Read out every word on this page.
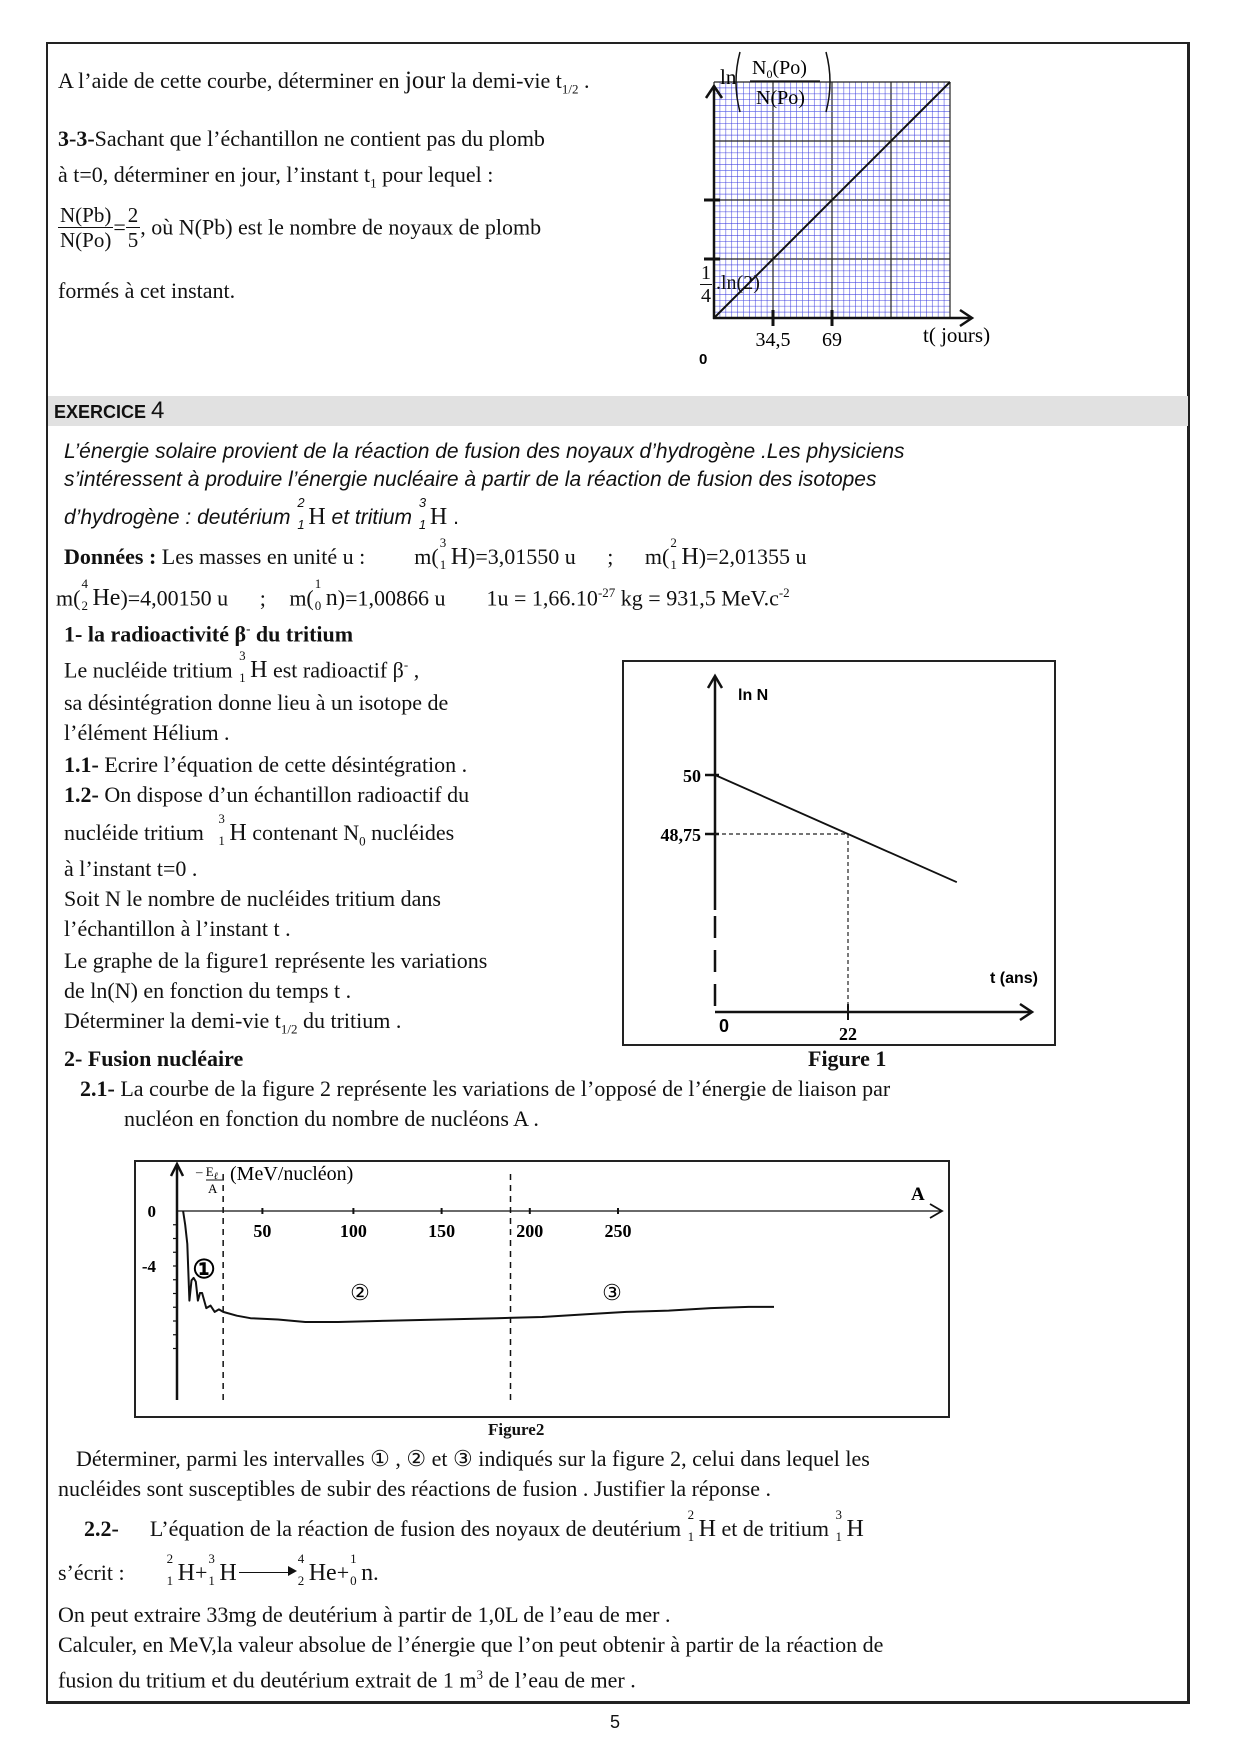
A l’aide de cette courbe, déterminer en jour la demi-vie $t_{1/2}$ .
3-3-Sachant que l’échantillon ne contient pas du plomb
à t=0, déterminer en jour, l’instant $t_1$ pour lequel :
$\frac{N(Pb)}{N(Po)} = \frac{2}{5}$ , où N(Pb) est le nombre de noyaux de plomb
formés à cet instant.
34,5 69
$\ln N_0(Po)$
N(Po)
t( jours)
0
$\frac{1}{4} .\ln(2)$
EXERCICE 4
L’énergie solaire provient de la réaction de fusion des noyaux d’hydrogène .Les physiciens
s’intéressent à produire l’énergie nucléaire à partir de la réaction de fusion des isotopes
d’hydrogène : deutérium
2
1 H et tritium
3
1 H .
Données : Les masses en unité u : m(
3
1 H)=3,01550 u ; m(
2
1 H)=2,01355 u
m(
4
2 He)=4,00150 u ; m(
1
0 n)=1,00866 u $1u = 1,66.10^{-27}$ kg = 931,5 $MeV.c^{-2}$
1- la radioactivité β- du tritium
Le nucléide tritium
3
1 H est radioactif β- ,
sa désintégration donne lieu à un isotope de
l’élément Hélium .
1.1- Ecrire l’équation de cette désintégration .
1.2- On dispose d’un échantillon radioactif du
nucléide tritium
3
1 H contenant $N_0$ nucléides
à l’instant t=0 .
Soit N le nombre de nucléides tritium dans
l’échantillon à l’instant t .
Le graphe de la figure1 représente les variations
de ln(N) en fonction du temps t .
Déterminer la demi-vie $t_{1/2}$ du tritium .
50
48,75
22
ln N
t (ans)
0
Figure 1
2- Fusion nucléaire
2.1- La courbe de la figure 2 représente les variations de l’opposé de l’énergie de liaison par
nucléon en fonction du nombre de nucléons A .
50	100	150	200	250
0
-4 ①
②	③
– $E_\ell$
A
(MeV/nucléon)
A
Figure2
Déterminer, parmi les intervalles ① , ② et ③ indiqués sur la figure 2, celui dans lequel les
nucléides sont susceptibles de subir des réactions de fusion . Justifier la réponse .
2.2- L’équation de la réaction de fusion des noyaux de deutérium
2
1 H et de tritium
3
1 H
s’écrit :
2
1 H+
3
1 H
4
2 He+
1
0 n.
On peut extraire 33mg de deutérium à partir de 1,0L de l’eau de mer .
Calculer, en MeV,la valeur absolue de l’énergie que l’on peut obtenir à partir de la réaction de
fusion du tritium et du deutérium extrait de 1 $m^3$ de l’eau de mer .
5
